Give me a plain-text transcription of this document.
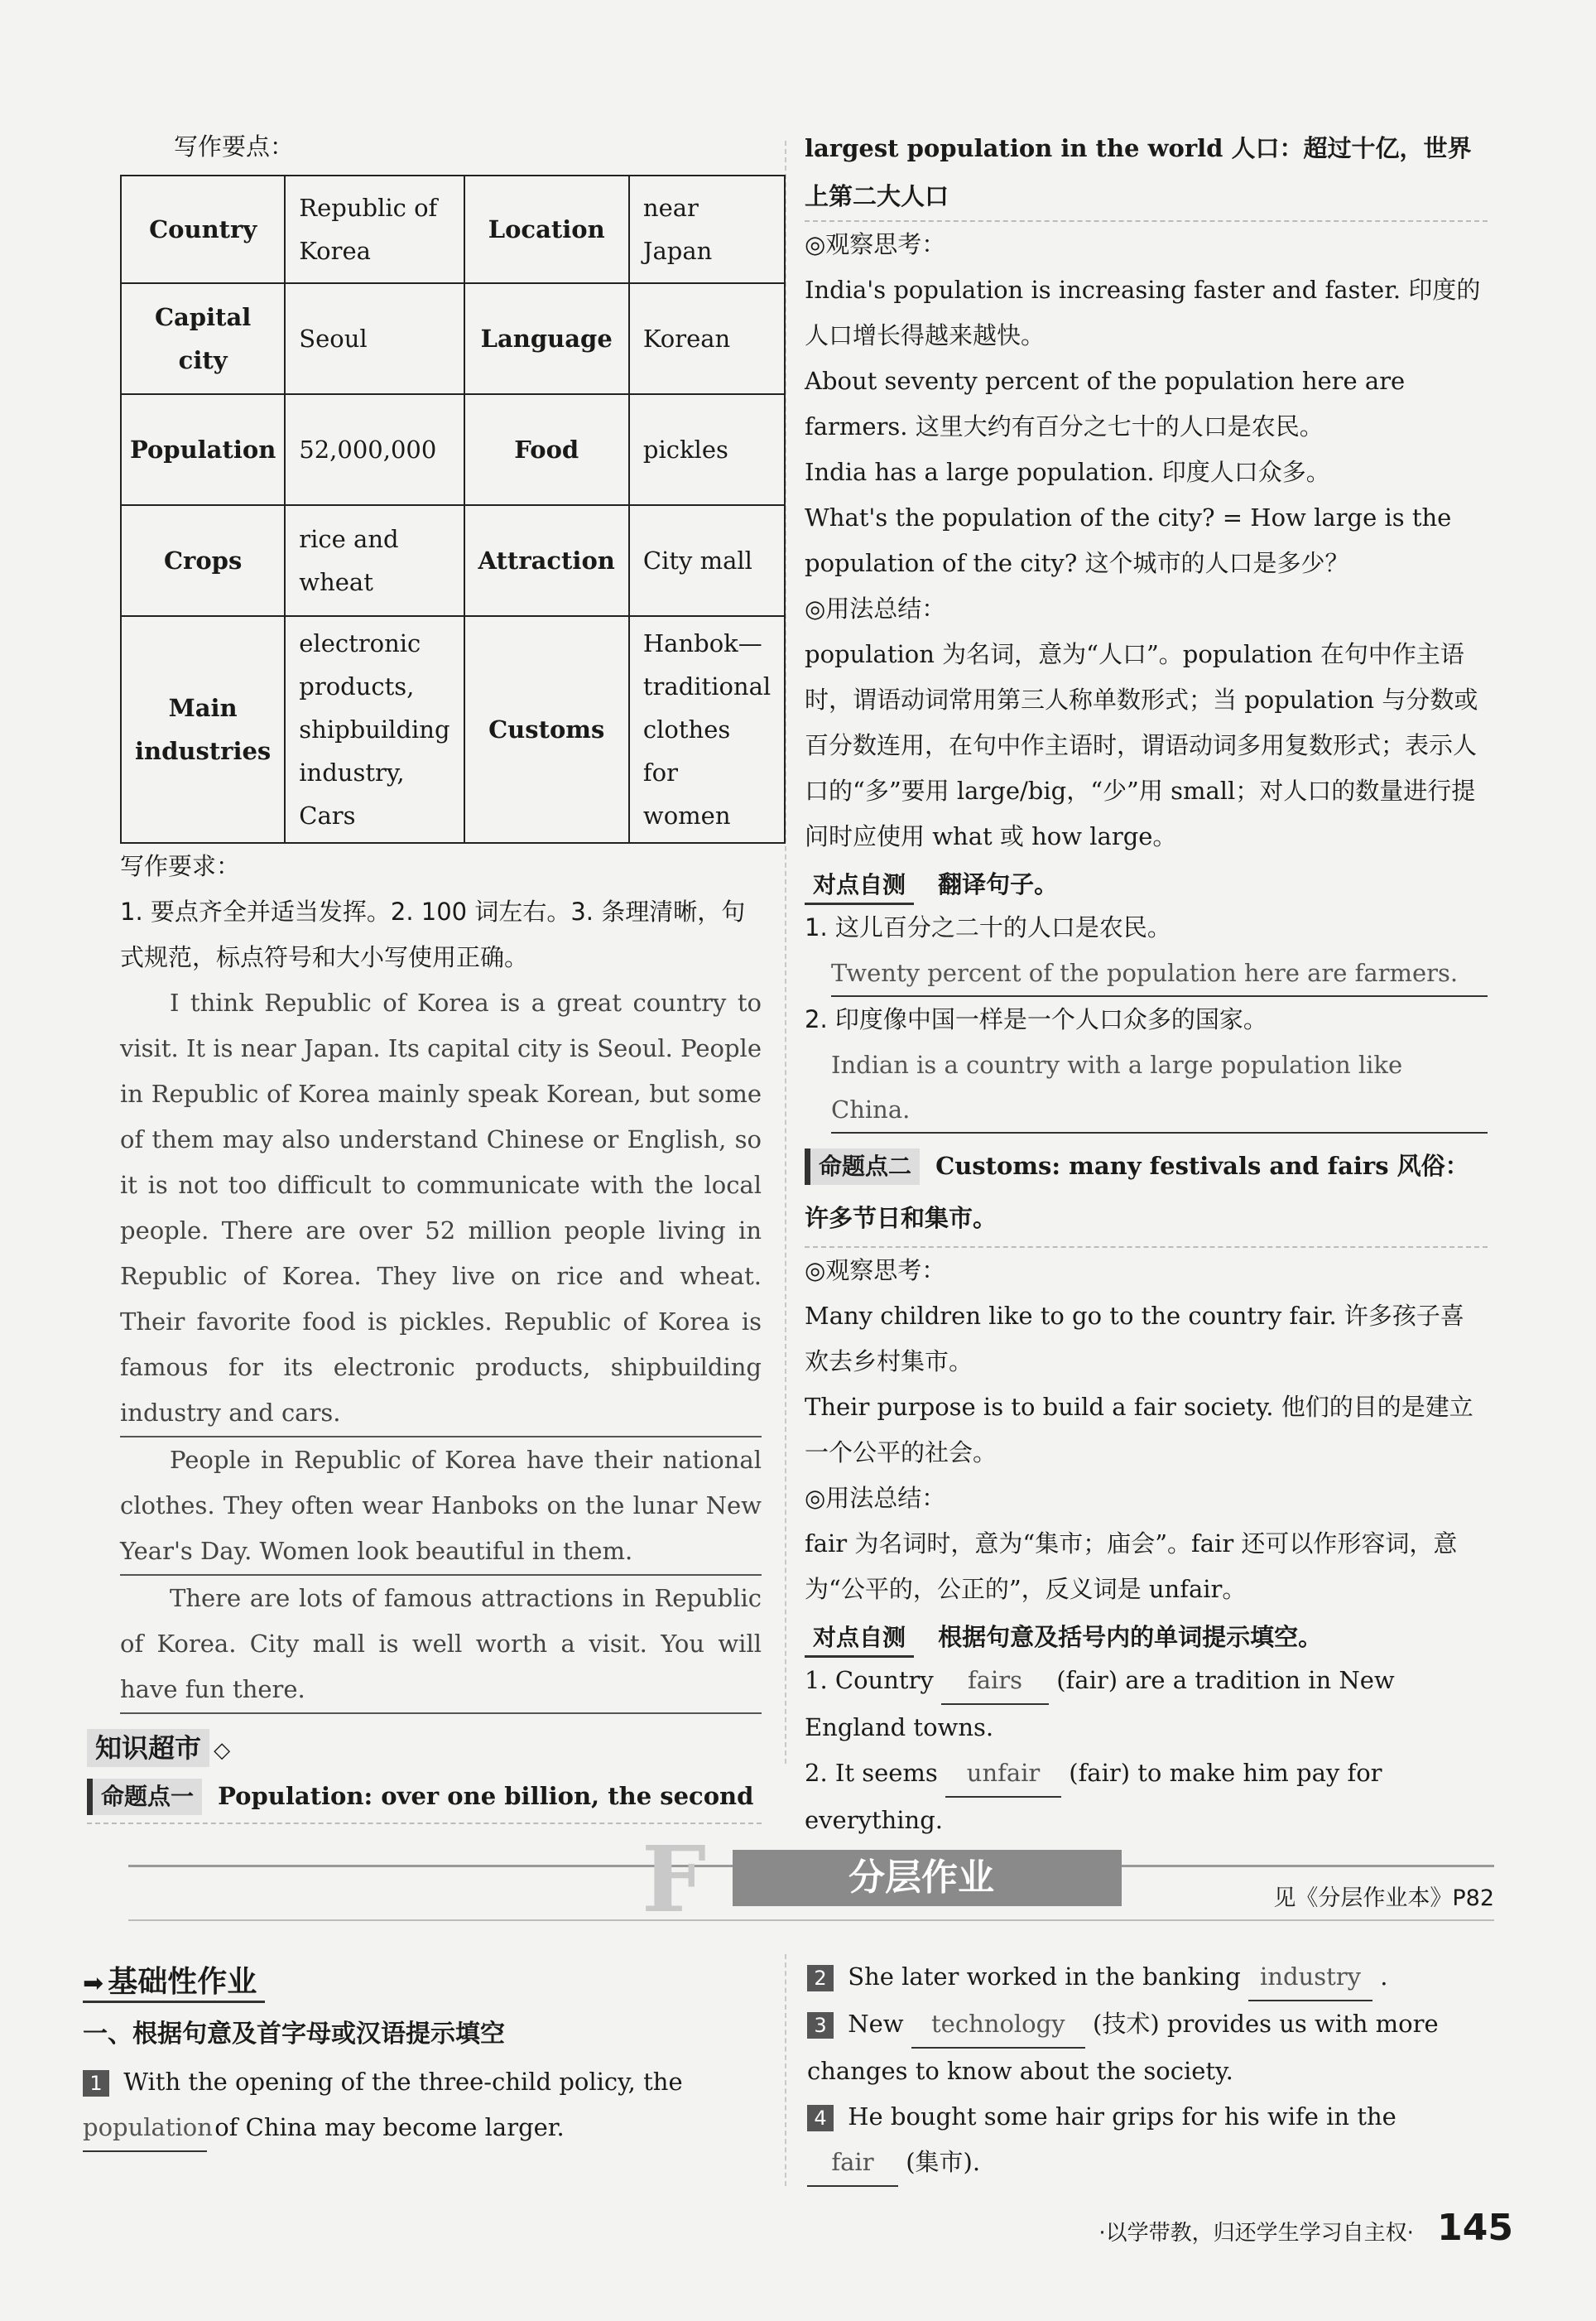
写作要点：
Country	Republic of Korea	Location	near Japan
Capital city	Seoul	Language	Korean
Population	52,000,000	Food	pickles
Crops	rice and wheat	Attraction	City mall
Main industries	electronic products, shipbuilding industry, Cars	Customs	Hanbok—traditional clothes for women
写作要求：
1. 要点齐全并适当发挥。2. 100 词左右。3. 条理清晰，句式规范，标点符号和大小写使用正确。

I think Republic of Korea is a great country to visit. It is near Japan. Its capital city is Seoul. People in Republic of Korea mainly speak Korean, but some of them may also understand Chinese or English, so it is not too difficult to communicate with the local people. There are over 52 million people living in Republic of Korea. They live on rice and wheat. Their favorite food is pickles. Republic of Korea is famous for its electronic products, shipbuilding industry and cars.

People in Republic of Korea have their national clothes. They often wear Hanboks on the lunar New Year's Day. Women look beautiful in them.

There are lots of famous attractions in Republic of Korea. City mall is well worth a visit. You will have fun there.

知识超市 ◇
命题点一 Population: over one billion, the second
largest population in the world 人口：超过十亿，世界上第二大人口
◎观察思考：
India's population is increasing faster and faster. 印度的人口增长得越来越快。
About seventy percent of the population here are farmers. 这里大约有百分之七十的人口是农民。
India has a large population. 印度人口众多。
What's the population of the city? = How large is the population of the city? 这个城市的人口是多少？
◎用法总结：
population 为名词，意为“人口”。population 在句中作主语时，谓语动词常用第三人称单数形式；当 population 与分数或百分数连用，在句中作主语时，谓语动词多用复数形式；表示人口的“多”要用 large/big，“少”用 small；对人口的数量进行提问时应使用 what 或 how large。
对点自测 翻译句子。
1. 这儿百分之二十的人口是农民。
Twenty percent of the population here are farmers.
2. 印度像中国一样是一个人口众多的国家。
Indian is a country with a large population like China.
命题点二 Customs: many festivals and fairs 风俗：许多节日和集市。
◎观察思考：
Many children like to go to the country fair. 许多孩子喜欢去乡村集市。
Their purpose is to build a fair society. 他们的目的是建立一个公平的社会。
◎用法总结：
fair 为名词时，意为“集市；庙会”。fair 还可以作形容词，意为“公平的，公正的”，反义词是 unfair。
对点自测 根据句意及括号内的单词提示填空。
1. Country fairs (fair) are a tradition in New England towns.
2. It seems unfair (fair) to make him pay for everything.
F	分层作业	见《分层作业本》P82
➡ 基础性作业
一、根据句意及首字母或汉语提示填空
1 With the opening of the three-child policy, the population of China may become larger.
2 She later worked in the banking industry .
3 New technology (技术) provides us with more changes to know about the society.
4 He bought some hair grips for his wife in the fair (集市).
·以学带教，归还学生学习自主权· 145
